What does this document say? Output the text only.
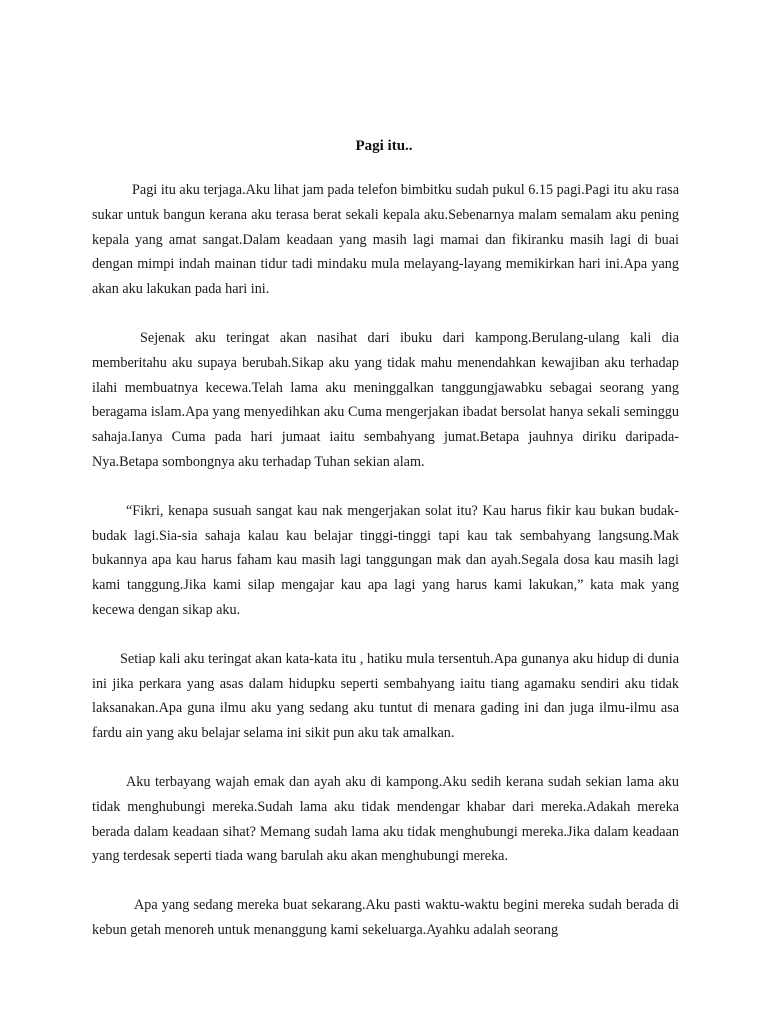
Pagi itu..

Pagi itu aku terjaga.Aku lihat jam pada telefon bimbitku sudah pukul 6.15 pagi.Pagi itu aku rasa sukar untuk bangun kerana aku terasa berat sekali kepala aku.Sebenarnya malam semalam aku pening kepala yang amat sangat.Dalam keadaan yang masih lagi mamai dan fikiranku masih lagi di buai dengan mimpi indah mainan tidur tadi mindaku mula melayang-layang memikirkan hari ini.Apa yang akan aku lakukan pada hari ini.

Sejenak aku teringat akan nasihat dari ibuku dari kampong.Berulang-ulang kali dia memberitahu aku supaya berubah.Sikap aku yang tidak mahu menendahkan kewajiban aku terhadap ilahi membuatnya kecewa.Telah lama aku meninggalkan tanggungjawabku sebagai seorang yang beragama islam.Apa yang menyedihkan aku Cuma mengerjakan ibadat bersolat hanya sekali seminggu sahaja.Ianya Cuma pada hari jumaat iaitu sembahyang jumat.Betapa jauhnya diriku daripada-Nya.Betapa sombongnya aku terhadap Tuhan sekian alam.

“Fikri, kenapa susuah sangat kau nak mengerjakan solat itu? Kau harus fikir kau bukan budak-budak lagi.Sia-sia sahaja kalau kau belajar tinggi-tinggi tapi kau tak sembahyang langsung.Mak bukannya apa kau harus faham kau masih lagi tanggungan mak dan ayah.Segala dosa kau masih lagi kami tanggung.Jika kami silap mengajar kau apa lagi yang harus kami lakukan,” kata mak yang kecewa dengan sikap aku.

Setiap kali aku teringat akan kata-kata itu , hatiku mula tersentuh.Apa gunanya aku hidup di dunia ini jika perkara yang asas dalam hidupku seperti sembahyang iaitu tiang agamaku sendiri aku tidak laksanakan.Apa guna ilmu aku yang sedang aku tuntut di menara gading ini dan juga ilmu-ilmu asa fardu ain yang aku belajar selama ini sikit pun aku tak amalkan.

Aku terbayang wajah emak dan ayah aku di kampong.Aku sedih kerana sudah sekian lama aku tidak menghubungi mereka.Sudah lama aku tidak mendengar khabar dari mereka.Adakah mereka berada dalam keadaan sihat? Memang sudah lama aku tidak menghubungi mereka.Jika dalam keadaan yang terdesak seperti tiada wang barulah aku akan menghubungi mereka.

Apa yang sedang mereka buat sekarang.Aku pasti waktu-waktu begini mereka sudah berada di kebun getah menoreh untuk menanggung kami sekeluarga.Ayahku adalah seorang
